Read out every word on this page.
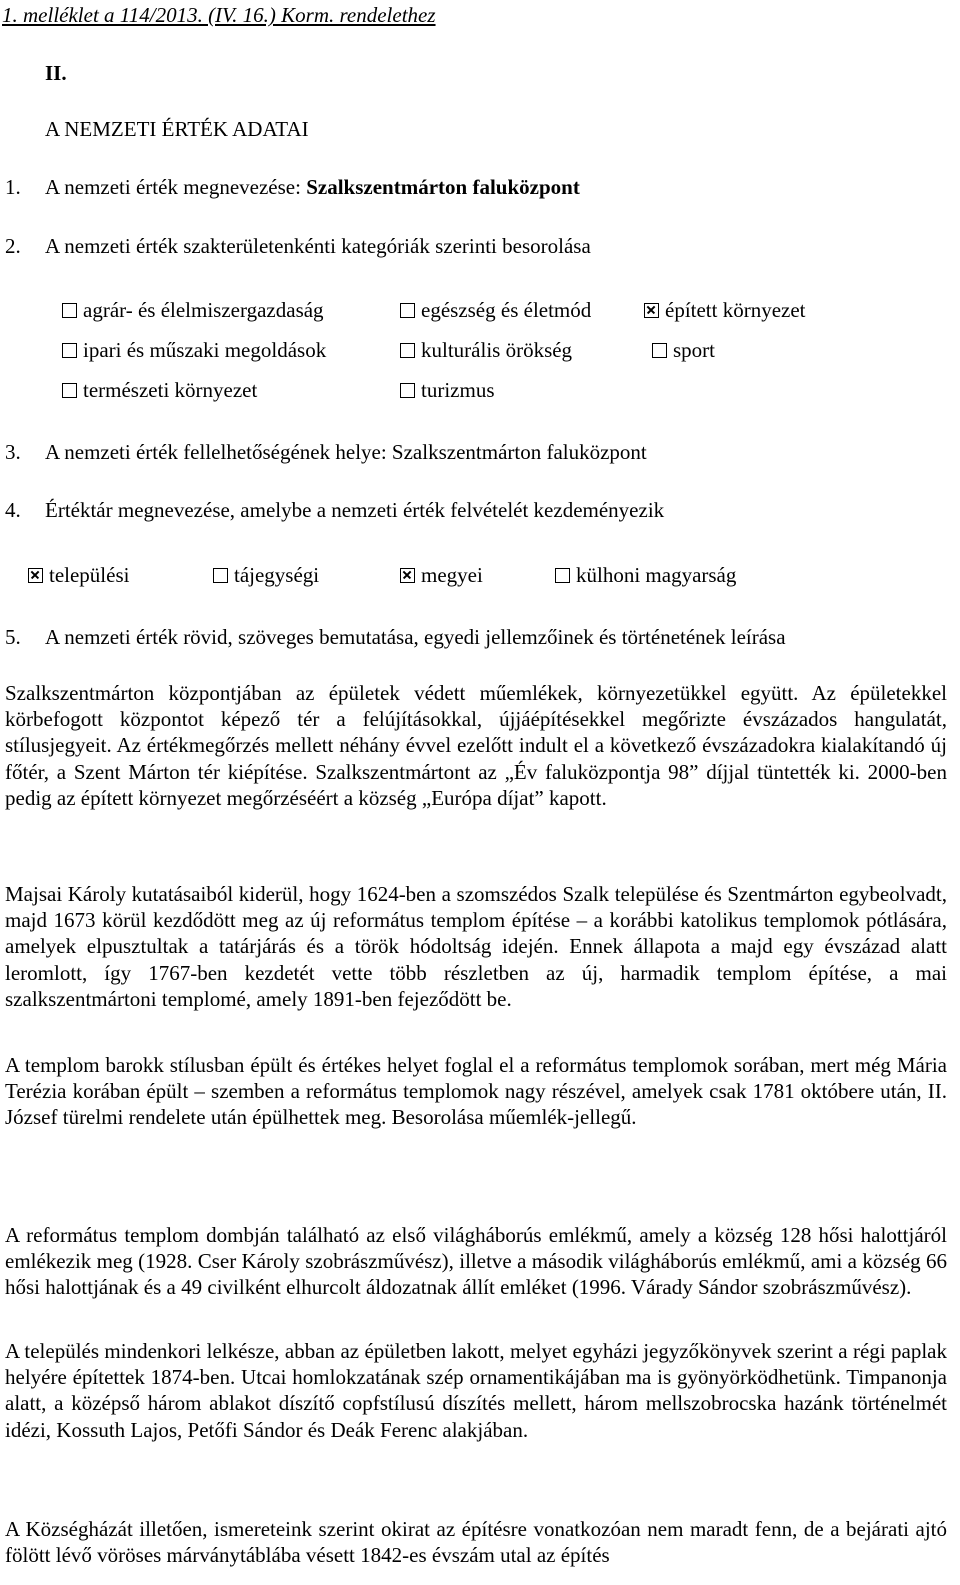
1. melléklet a 114/2013. (IV. 16.) Korm. rendelethez
II.
A NEMZETI ÉRTÉK ADATAI
1. A nemzeti érték megnevezése: Szalkszentmárton faluközpont
2. A nemzeti érték szakterületenkénti kategóriák szerinti besorolása
agrár- és élelmiszergazdaság	egészség és életmód	épített környezet
ipari és műszaki megoldások	kulturális örökség	sport
természeti környezet	turizmus
3. A nemzeti érték fellelhetőségének helye: Szalkszentmárton faluközpont
4. Értéktár megnevezése, amelybe a nemzeti érték felvételét kezdeményezik
települési	tájegységi	megyei	külhoni magyarság
5. A nemzeti érték rövid, szöveges bemutatása, egyedi jellemzőinek és történetének leírása

Szalkszentmárton központjában az épületek védett műemlékek, környezetükkel együtt. Az épületekkel körbefogott központot képező tér a felújításokkal, újjáépítésekkel megőrizte évszázados hangulatát, stílusjegyeit. Az értékmegőrzés mellett néhány évvel ezelőtt indult el a következő évszázadokra kialakítandó új főtér, a Szent Márton tér kiépítése. Szalkszentmártont az „Év faluközpontja 98” díjjal tüntették ki. 2000-ben pedig az épített környezet megőrzéséért a község „Európa díjat” kapott.

Majsai Károly kutatásaiból kiderül, hogy 1624-ben a szomszédos Szalk települése és Szentmárton egybeolvadt, majd 1673 körül kezdődött meg az új református templom építése – a korábbi katolikus templomok pótlására, amelyek elpusztultak a tatárjárás és a török hódoltság idején. Ennek állapota a majd egy évszázad alatt leromlott, így 1767-ben kezdetét vette több részletben az új, harmadik templom építése, a mai szalkszentmártoni templomé, amely 1891-ben fejeződött be.

A templom barokk stílusban épült és értékes helyet foglal el a református templomok sorában, mert még Mária Terézia korában épült – szemben a református templomok nagy részével, amelyek csak 1781 októbere után, II. József türelmi rendelete után épülhettek meg. Besorolása műemlék-jellegű.

A református templom dombján található az első világháborús emlékmű, amely a község 128 hősi halottjáról emlékezik meg (1928. Cser Károly szobrászművész), illetve a második világháborús emlékmű, ami a község 66 hősi halottjának és a 49 civilként elhurcolt áldozatnak állít emléket (1996. Várady Sándor szobrászművész).

A település mindenkori lelkésze, abban az épületben lakott, melyet egyházi jegyzőkönyvek szerint a régi paplak helyére építettek 1874-ben. Utcai homlokzatának szép ornamentikájában ma is gyönyörködhetünk. Timpanonja alatt, a középső három ablakot díszítő copfstílusú díszítés mellett, három mellszobrocska hazánk történelmét idézi, Kossuth Lajos, Petőfi Sándor és Deák Ferenc alakjában.

A Községházát illetően, ismereteink szerint okirat az építésre vonatkozóan nem maradt fenn, de a bejárati ajtó fölött lévő vöröses márványtáblába vésett 1842-es évszám utal az építés
